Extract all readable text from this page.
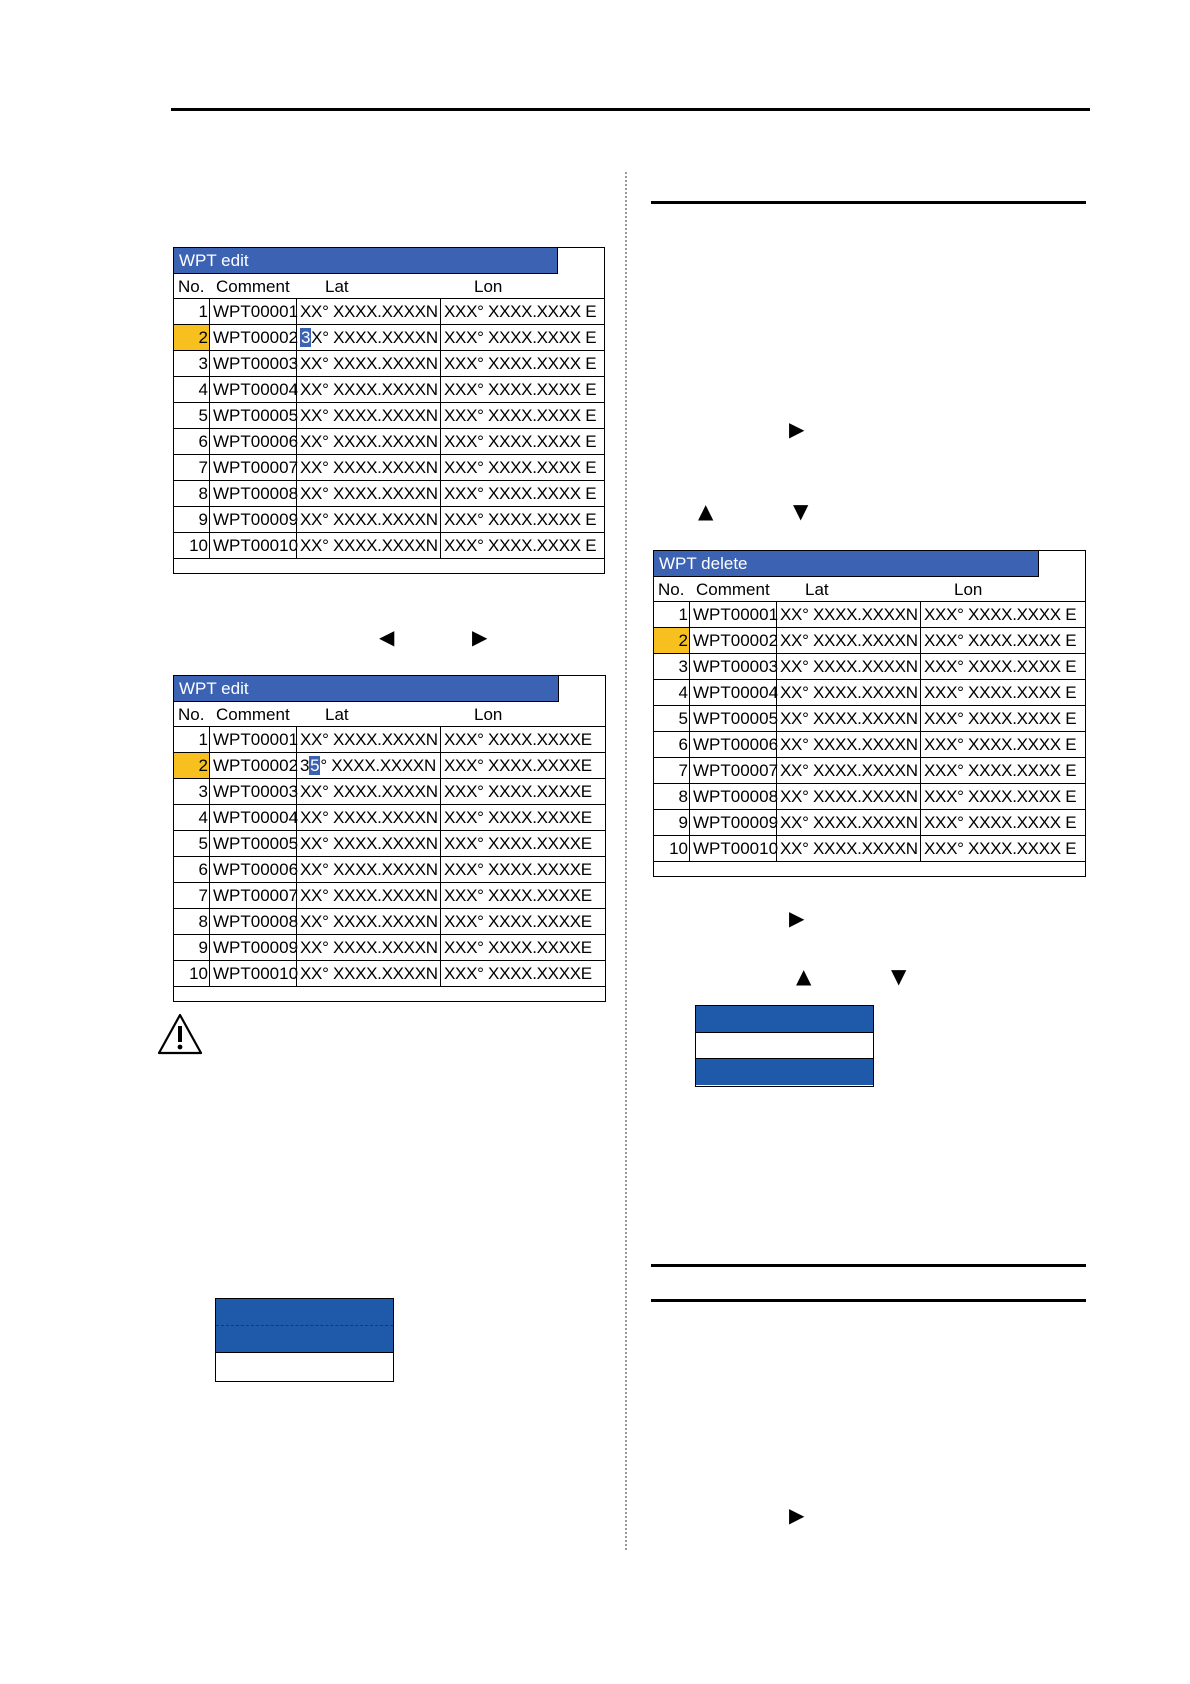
WPT edit
No. Comment Lat	Lon
1 WPT00001 XX° XXXX.XXXXN XXX° XXXX.XXXX E
2 WPT00002 3X° XXXX.XXXXN XXX° XXXX.XXXX E
3 WPT00003 XX° XXXX.XXXXN XXX° XXXX.XXXX E
4 WPT00004 XX° XXXX.XXXXN XXX° XXXX.XXXX E
5 WPT00005 XX° XXXX.XXXXN XXX° XXXX.XXXX E
6 WPT00006 XX° XXXX.XXXXN XXX° XXXX.XXXX E
7 WPT00007 XX° XXXX.XXXXN XXX° XXXX.XXXX E
8 WPT00008 XX° XXXX.XXXXN XXX° XXXX.XXXX E
9 WPT00009 XX° XXXX.XXXXN XXX° XXXX.XXXX E
10 WPT00010 XX° XXXX.XXXXN XXX° XXXX.XXXX E
◀	▶
WPT edit
No. Comment Lat	Lon
1 WPT00001 XX° XXXX.XXXXN XXX° XXXX.XXXXE
2 WPT00002 35° XXXX.XXXXN XXX° XXXX.XXXXE
3 WPT00003 XX° XXXX.XXXXN XXX° XXXX.XXXXE
4 WPT00004 XX° XXXX.XXXXN XXX° XXXX.XXXXE
5 WPT00005 XX° XXXX.XXXXN XXX° XXXX.XXXXE
6 WPT00006 XX° XXXX.XXXXN XXX° XXXX.XXXXE
7 WPT00007 XX° XXXX.XXXXN XXX° XXXX.XXXXE
8 WPT00008 XX° XXXX.XXXXN XXX° XXXX.XXXXE
9 WPT00009 XX° XXXX.XXXXN XXX° XXXX.XXXXE
10 WPT00010 XX° XXXX.XXXXN XXX° XXXX.XXXXE
▶
▲	▼
WPT delete
No. Comment Lat	Lon
1 WPT00001 XX° XXXX.XXXXN XXX° XXXX.XXXX E
2 WPT00002 XX° XXXX.XXXXN XXX° XXXX.XXXX E
3 WPT00003 XX° XXXX.XXXXN XXX° XXXX.XXXX E
4 WPT00004 XX° XXXX.XXXXN XXX° XXXX.XXXX E
5 WPT00005 XX° XXXX.XXXXN XXX° XXXX.XXXX E
6 WPT00006 XX° XXXX.XXXXN XXX° XXXX.XXXX E
7 WPT00007 XX° XXXX.XXXXN XXX° XXXX.XXXX E
8 WPT00008 XX° XXXX.XXXXN XXX° XXXX.XXXX E
9 WPT00009 XX° XXXX.XXXXN XXX° XXXX.XXXX E
10 WPT00010 XX° XXXX.XXXXN XXX° XXXX.XXXX E
▶
▲	▼
▶
